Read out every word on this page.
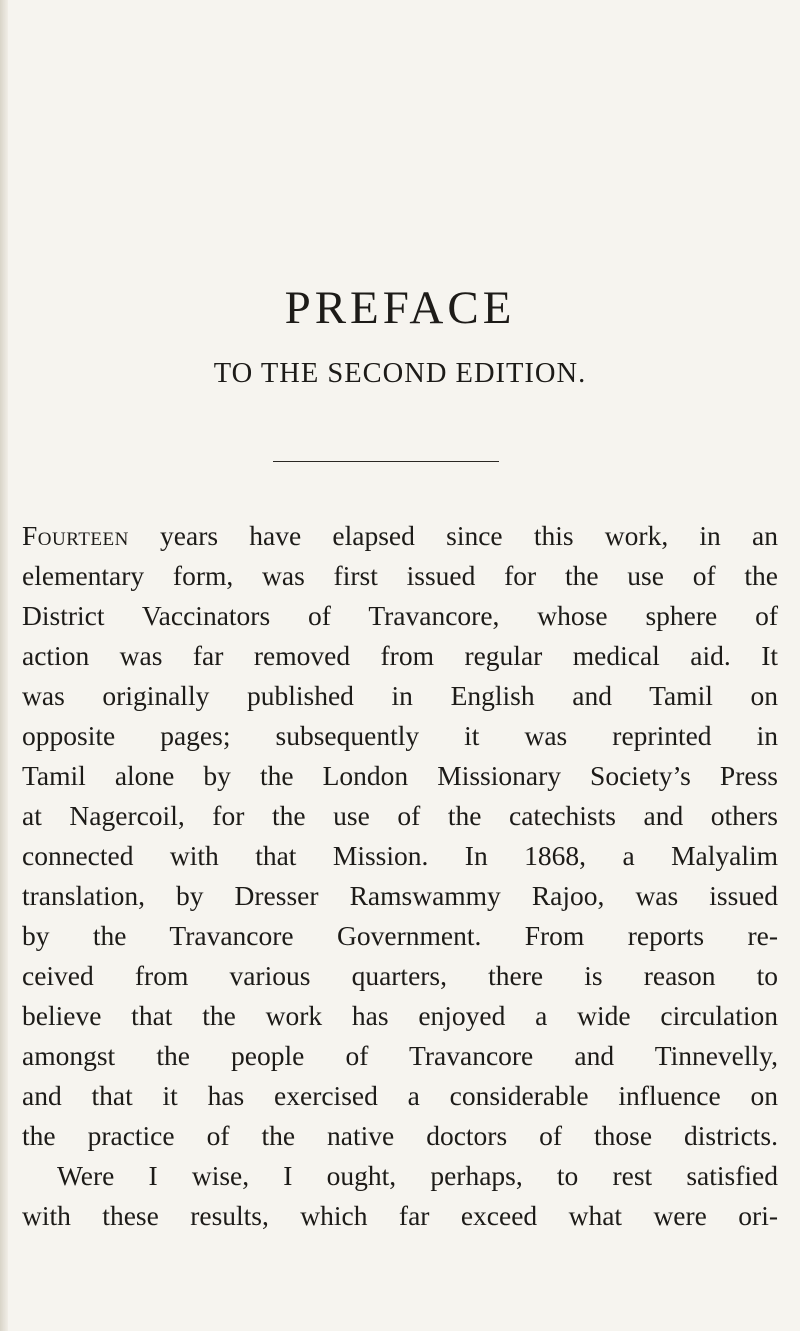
PREFACE
TO THE SECOND EDITION.
Fourteen years have elapsed since this work, in an
elementary form, was first issued for the use of the
District Vaccinators of Travancore, whose sphere of
action was far removed from regular medical aid. It
was originally published in English and Tamil on
opposite pages; subsequently it was reprinted in
Tamil alone by the London Missionary Society’s Press
at Nagercoil, for the use of the catechists and others
connected with that Mission. In 1868, a Malyalim
translation, by Dresser Ramswammy Rajoo, was issued
by the Travancore Government. From reports re-
ceived from various quarters, there is reason to
believe that the work has enjoyed a wide circulation
amongst the people of Travancore and Tinnevelly,
and that it has exercised a considerable influence on
the practice of the native doctors of those districts.
Were I wise, I ought, perhaps, to rest satisfied
with these results, which far exceed what were ori-
